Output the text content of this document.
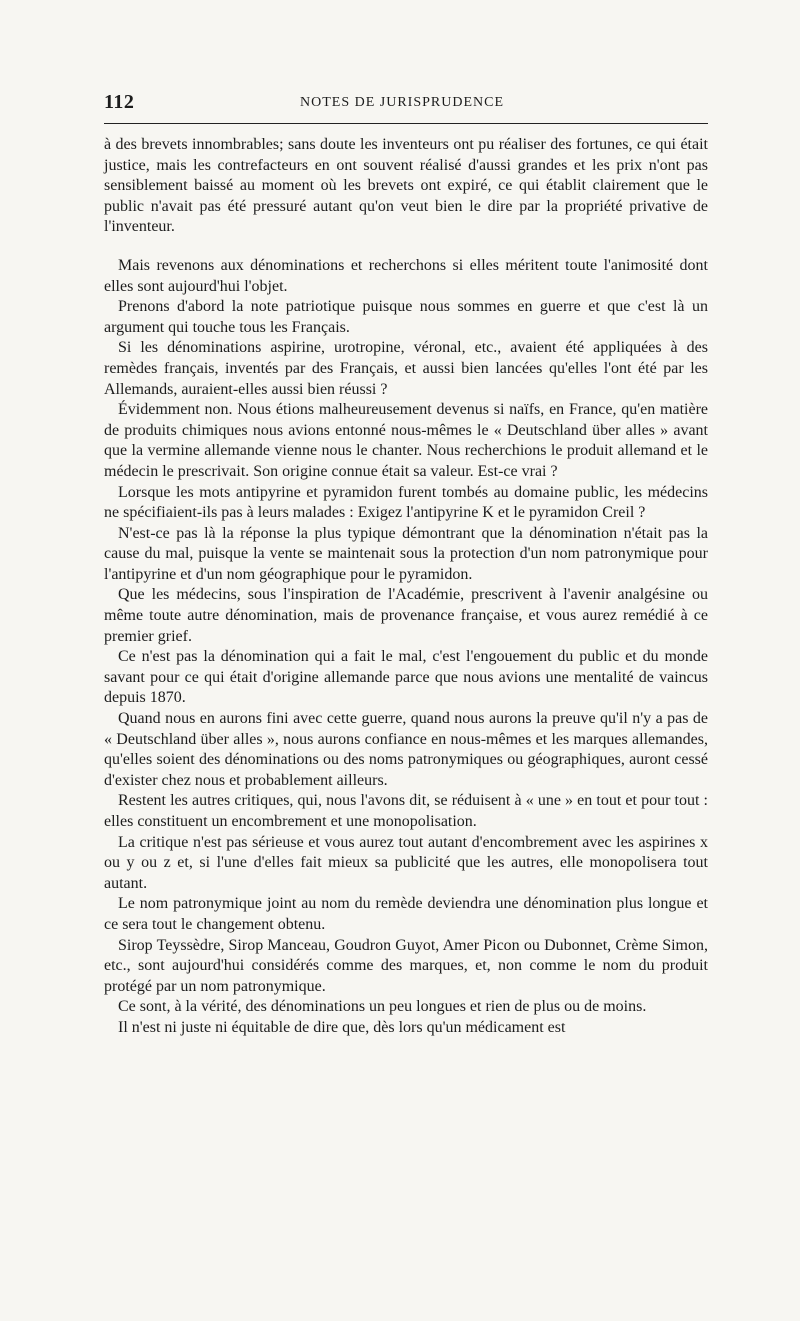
112	NOTES DE JURISPRUDENCE

à des brevets innombrables; sans doute les inventeurs ont pu réaliser des fortunes, ce qui était justice, mais les contrefacteurs en ont souvent réalisé d'aussi grandes et les prix n'ont pas sensiblement baissé au moment où les brevets ont expiré, ce qui établit clairement que le public n'avait pas été pressuré autant qu'on veut bien le dire par la propriété privative de l'inventeur.

Mais revenons aux dénominations et recherchons si elles méritent toute l'animosité dont elles sont aujourd'hui l'objet.

Prenons d'abord la note patriotique puisque nous sommes en guerre et que c'est là un argument qui touche tous les Français.

Si les dénominations aspirine, urotropine, véronal, etc., avaient été appliquées à des remèdes français, inventés par des Français, et aussi bien lancées qu'elles l'ont été par les Allemands, auraient-elles aussi bien réussi ?

Évidemment non. Nous étions malheureusement devenus si naïfs, en France, qu'en matière de produits chimiques nous avions entonné nous-mêmes le « Deutschland über alles » avant que la vermine allemande vienne nous le chanter. Nous recherchions le produit allemand et le médecin le prescrivait. Son origine connue était sa valeur. Est-ce vrai ?

Lorsque les mots antipyrine et pyramidon furent tombés au domaine public, les médecins ne spécifiaient-ils pas à leurs malades : Exigez l'antipyrine K et le pyramidon Creil ?

N'est-ce pas là la réponse la plus typique démontrant que la dénomination n'était pas la cause du mal, puisque la vente se maintenait sous la protection d'un nom patronymique pour l'antipyrine et d'un nom géographique pour le pyramidon.

Que les médecins, sous l'inspiration de l'Académie, prescrivent à l'avenir analgésine ou même toute autre dénomination, mais de provenance française, et vous aurez remédié à ce premier grief.

Ce n'est pas la dénomination qui a fait le mal, c'est l'engouement du public et du monde savant pour ce qui était d'origine allemande parce que nous avions une mentalité de vaincus depuis 1870.

Quand nous en aurons fini avec cette guerre, quand nous aurons la preuve qu'il n'y a pas de « Deutschland über alles », nous aurons confiance en nous-mêmes et les marques allemandes, qu'elles soient des dénominations ou des noms patronymiques ou géographiques, auront cessé d'exister chez nous et probablement ailleurs.

Restent les autres critiques, qui, nous l'avons dit, se réduisent à « une » en tout et pour tout : elles constituent un encombrement et une monopolisation.

La critique n'est pas sérieuse et vous aurez tout autant d'encombrement avec les aspirines x ou y ou z et, si l'une d'elles fait mieux sa publicité que les autres, elle monopolisera tout autant.

Le nom patronymique joint au nom du remède deviendra une dénomination plus longue et ce sera tout le changement obtenu.

Sirop Teyssèdre, Sirop Manceau, Goudron Guyot, Amer Picon ou Dubonnet, Crème Simon, etc., sont aujourd'hui considérés comme des marques, et, non comme le nom du produit protégé par un nom patronymique.

Ce sont, à la vérité, des dénominations un peu longues et rien de plus ou de moins.

Il n'est ni juste ni équitable de dire que, dès lors qu'un médicament est
